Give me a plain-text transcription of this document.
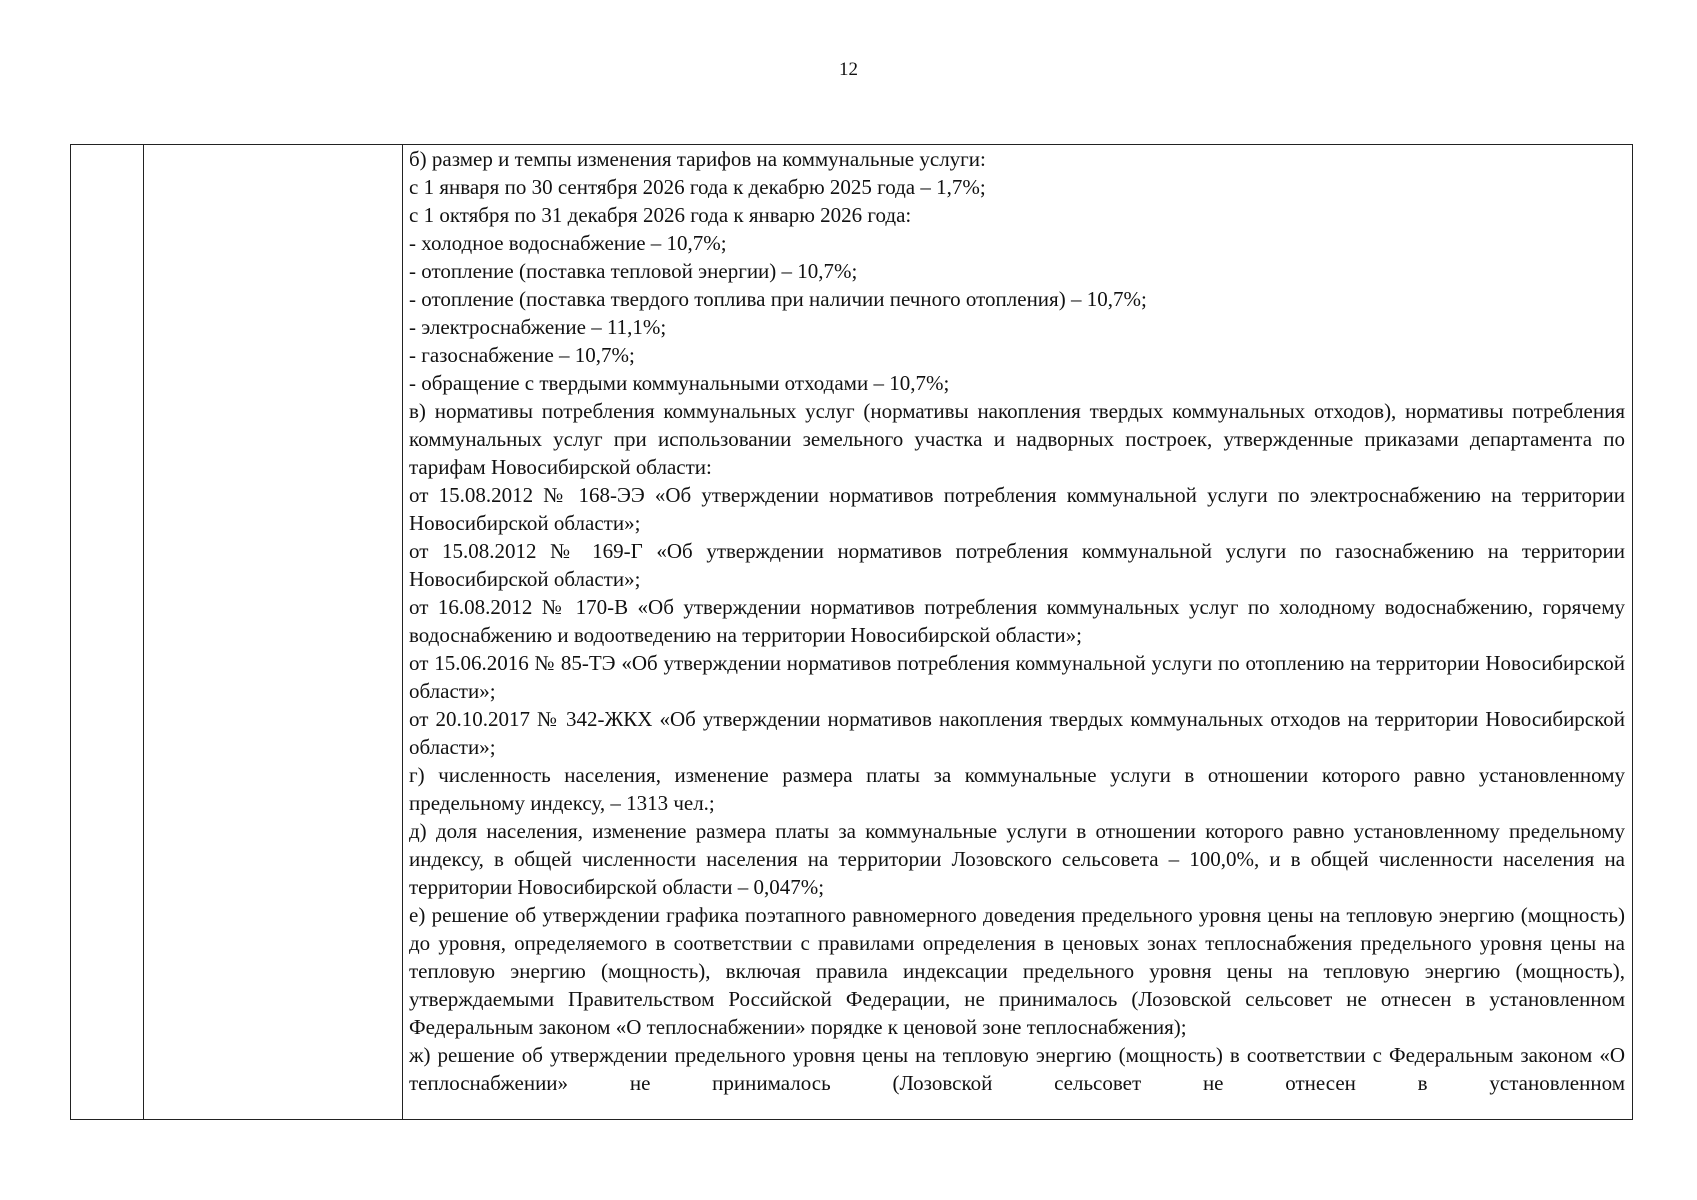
12

б) размер и темпы изменения тарифов на коммунальные услуги:

с 1 января по 30 сентября 2026 года к декабрю 2025 года – 1,7%;

с 1 октября по 31 декабря 2026 года к январю 2026 года:

- холодное водоснабжение – 10,7%;

- отопление (поставка тепловой энергии) – 10,7%;

- отопление (поставка твердого топлива при наличии печного отопления) – 10,7%;

- электроснабжение – 11,1%;

- газоснабжение – 10,7%;

- обращение с твердыми коммунальными отходами – 10,7%;

в) нормативы потребления коммунальных услуг (нормативы накопления твердых коммунальных отходов), нормативы потребления коммунальных услуг при использовании земельного участка и надворных построек, утвержденные приказами департамента по тарифам Новосибирской области:

от 15.08.2012 № 168-ЭЭ «Об утверждении нормативов потребления коммунальной услуги по электроснабжению на территории Новосибирской области»;

от 15.08.2012 № 169-Г «Об утверждении нормативов потребления коммунальной услуги по газоснабжению на территории Новосибирской области»;

от 16.08.2012 № 170-В «Об утверждении нормативов потребления коммунальных услуг по холодному водоснабжению, горячему водоснабжению и водоотведению на территории Новосибирской области»;

от 15.06.2016 № 85-ТЭ «Об утверждении нормативов потребления коммунальной услуги по отоплению на территории Новосибирской области»;

от 20.10.2017 № 342-ЖКХ «Об утверждении нормативов накопления твердых коммунальных отходов на территории Новосибирской области»;

г) численность населения, изменение размера платы за коммунальные услуги в отношении которого равно установленному предельному индексу, – 1313 чел.;

д) доля населения, изменение размера платы за коммунальные услуги в отношении которого равно установленному предельному индексу, в общей численности населения на территории Лозовского сельсовета – 100,0%, и в общей численности населения на территории Новосибирской области – 0,047%;

е) решение об утверждении графика поэтапного равномерного доведения предельного уровня цены на тепловую энергию (мощность) до уровня, определяемого в соответствии с правилами определения в ценовых зонах теплоснабжения предельного уровня цены на тепловую энергию (мощность), включая правила индексации предельного уровня цены на тепловую энергию (мощность), утверждаемыми Правительством Российской Федерации, не принималось (Лозовской сельсовет не отнесен в установленном Федеральным законом «О теплоснабжении» порядке к ценовой зоне теплоснабжения);

ж) решение об утверждении предельного уровня цены на тепловую энергию (мощность) в соответствии с Федеральным законом «О теплоснабжении» не принималось (Лозовской сельсовет не отнесен в установленном
